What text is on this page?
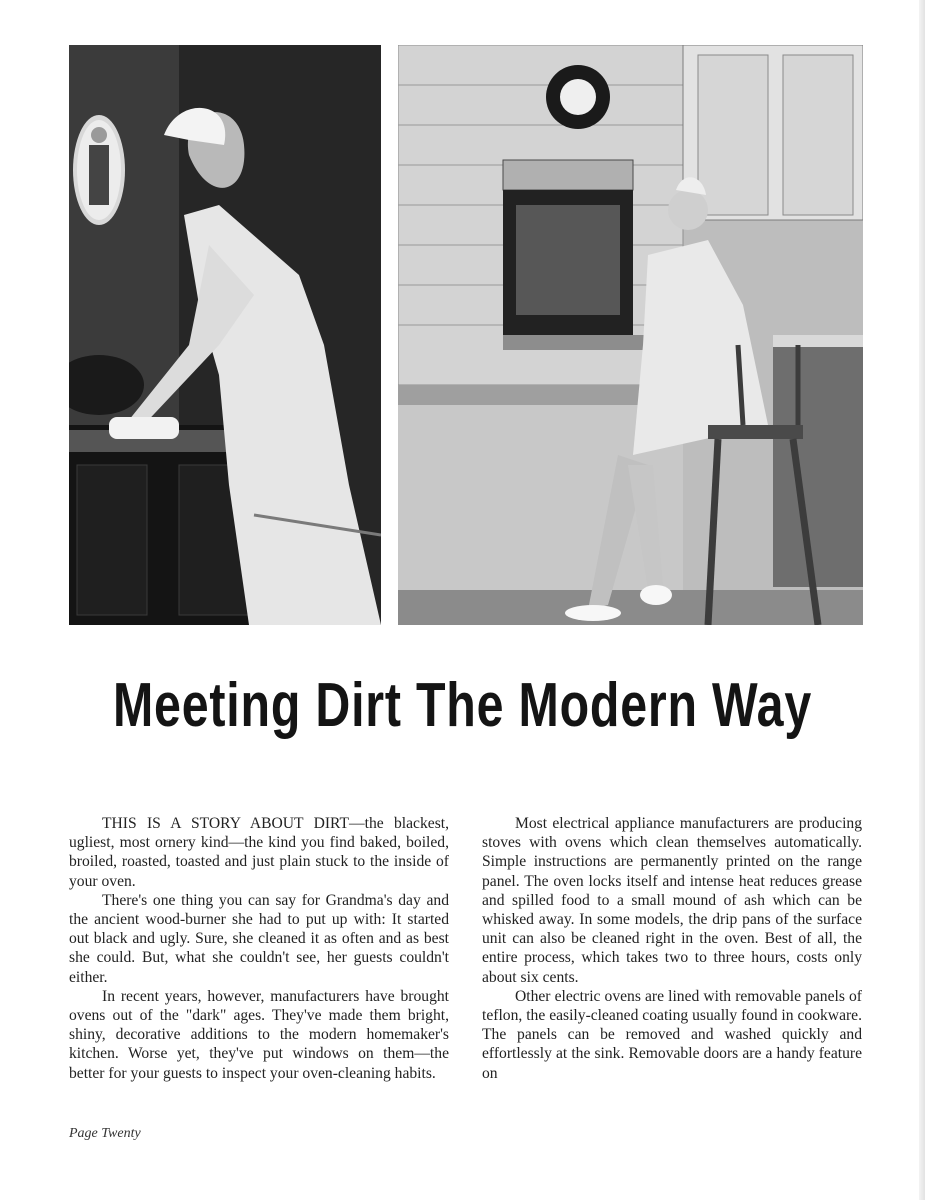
Meeting Dirt The Modern Way

THIS IS A STORY ABOUT DIRT—the blackest, ugliest, most ornery kind—the kind you find baked, boiled, broiled, roasted, toasted and just plain stuck to the inside of your oven.

There's one thing you can say for Grandma's day and the ancient wood-burner she had to put up with: It started out black and ugly. Sure, she cleaned it as often and as best she could. But, what she couldn't see, her guests couldn't either.

In recent years, however, manufacturers have brought ovens out of the "dark" ages. They've made them bright, shiny, decorative additions to the modern homemaker's kitchen. Worse yet, they've put windows on them—the better for your guests to inspect your oven-cleaning habits.

Most electrical appliance manufacturers are producing stoves with ovens which clean themselves automatically. Simple instructions are permanently printed on the range panel. The oven locks itself and intense heat reduces grease and spilled food to a small mound of ash which can be whisked away. In some models, the drip pans of the surface unit can also be cleaned right in the oven. Best of all, the entire process, which takes two to three hours, costs only about six cents.

Other electric ovens are lined with removable panels of teflon, the easily-cleaned coating usually found in cookware. The panels can be removed and washed quickly and effortlessly at the sink. Removable doors are a handy feature on

Page Twenty
